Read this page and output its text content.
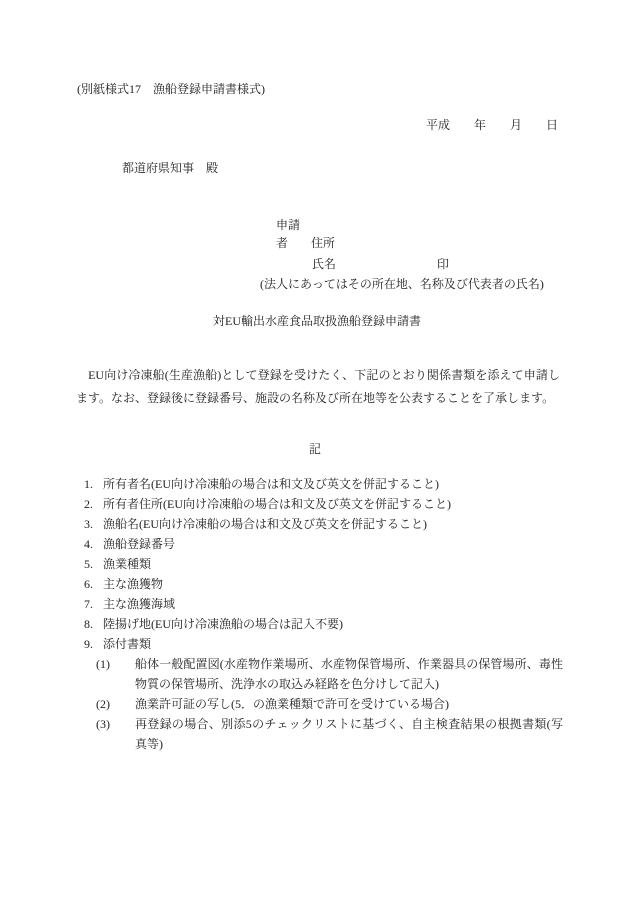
(別紙様式17　漁船登録申請書様式)
平成　　年　　月　　日
都道府県知事　殿
申請者 住所
氏名	印
(法人にあってはその所在地、名称及び代表者の氏名)
対EU輸出水産食品取扱漁船登録申請書
　EU向け冷凍船(生産漁船)として登録を受けたく、下記のとおり関係書類を添えて申請します。なお、登録後に登録番号、施設の名称及び所在地等を公表することを了承します。
記
1. 所有者名(EU向け冷凍船の場合は和文及び英文を併記すること)
2. 所有者住所(EU向け冷凍船の場合は和文及び英文を併記すること)
3. 漁船名(EU向け冷凍船の場合は和文及び英文を併記すること)
4. 漁船登録番号
5. 漁業種類
6. 主な漁獲物
7. 主な漁獲海域
8. 陸揚げ地(EU向け冷凍漁船の場合は記入不要)
9. 添付書類
(1)	船体一般配置図(水産物作業場所、水産物保管場所、作業器具の保管場所、毒性物質の保管場所、洗浄水の取込み経路を色分けして記入)
(2)	漁業許可証の写し(5．の漁業種類で許可を受けている場合)
(3)	再登録の場合、別添5のチェックリストに基づく、自主検査結果の根拠書類(写真等)
